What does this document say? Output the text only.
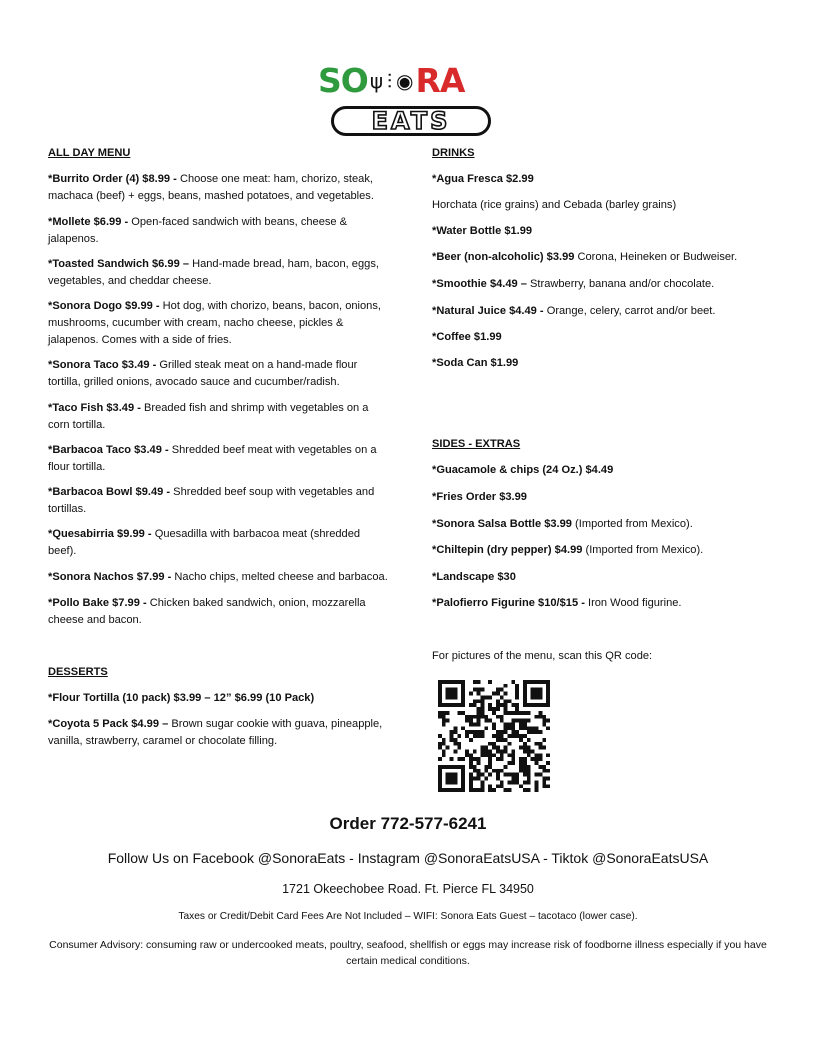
S O ψ ⫶ ◉ R A
EATS

ALL DAY MENU

*Burrito Order (4) $8.99 - Choose one meat: ham, chorizo, steak, machaca (beef) + eggs, beans, mashed potatoes, and vegetables.
*Mollete $6.99 - Open-faced sandwich with beans, cheese & jalapenos.
*Toasted Sandwich $6.99 – Hand-made bread, ham, bacon, eggs, vegetables, and cheddar cheese.
*Sonora Dogo $9.99 - Hot dog, with chorizo, beans, bacon, onions, mushrooms, cucumber with cream, nacho cheese, pickles & jalapenos. Comes with a side of fries.
*Sonora Taco $3.49 - Grilled steak meat on a hand-made flour tortilla, grilled onions, avocado sauce and cucumber/radish.
*Taco Fish $3.49 - Breaded fish and shrimp with vegetables on a corn tortilla.
*Barbacoa Taco $3.49 - Shredded beef meat with vegetables on a flour tortilla.
*Barbacoa Bowl $9.49 - Shredded beef soup with vegetables and tortillas.
*Quesabirria $9.99 - Quesadilla with barbacoa meat (shredded beef).
*Sonora Nachos $7.99 - Nacho chips, melted cheese and barbacoa.
*Pollo Bake $7.99 - Chicken baked sandwich, onion, mozzarella cheese and bacon.

DESSERTS

*Flour Tortilla (10 pack) $3.99 – 12” $6.99 (10 Pack)
*Coyota 5 Pack $4.99 – Brown sugar cookie with guava, pineapple, vanilla, strawberry, caramel or chocolate filling.

DRINKS

*Agua Fresca $2.99
Horchata (rice grains) and Cebada (barley grains)
*Water Bottle $1.99
*Beer (non-alcoholic) $3.99 Corona, Heineken or Budweiser.
*Smoothie $4.49 – Strawberry, banana and/or chocolate.
*Natural Juice $4.49 - Orange, celery, carrot and/or beet.
*Coffee $1.99
*Soda Can $1.99

SIDES - EXTRAS

*Guacamole & chips (24 Oz.) $4.49
*Fries Order $3.99
*Sonora Salsa Bottle $3.99 (Imported from Mexico).
*Chiltepin (dry pepper) $4.99 (Imported from Mexico).
*Landscape $30
*Palofierro Figurine $10/$15 - Iron Wood figurine.
For pictures of the menu, scan this QR code:
Order 772-577-6241
Follow Us on Facebook @SonoraEats - Instagram @SonoraEatsUSA - Tiktok @SonoraEatsUSA
1721 Okeechobee Road. Ft. Pierce FL 34950
Taxes or Credit/Debit Card Fees Are Not Included – WIFI: Sonora Eats Guest – tacotaco (lower case).
Consumer Advisory: consuming raw or undercooked meats, poultry, seafood, shellfish or eggs may increase risk of foodborne illness especially if you have certain medical conditions.
